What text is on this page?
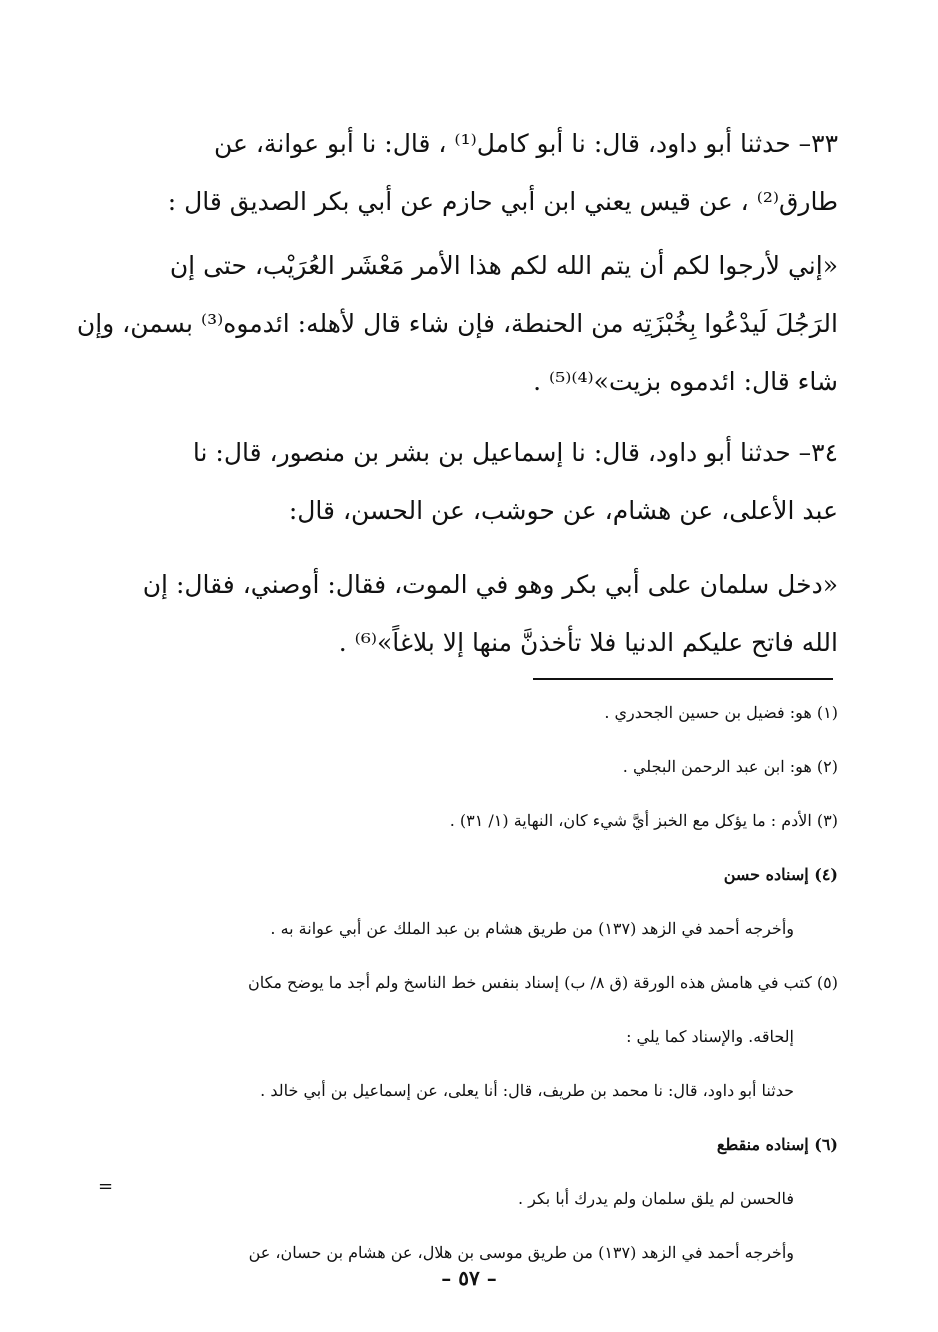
٣٣– حدثنا أبو داود، قال: نا أبو كامل⁽¹⁾ ، قال: نا أبو عوانة، عن
طارق⁽²⁾ ، عن قيس يعني ابن أبي حازم عن أبي بكر الصديق قال :
«إني لأرجوا لكم أن يتم الله لكم هذا الأمر مَعْشَر العُرَيْب، حتى إن
الرَجُلَ لَيدْعُوا بِخُبْزَتِه من الحنطة، فإن شاء قال لأهله: ائدموه⁽³⁾ بسمن، وإن
شاء قال: ائدموه بزيت»⁽⁴⁾⁽⁵⁾ .
٣٤– حدثنا أبو داود، قال: نا إسماعيل بن بشر بن منصور، قال: نا
عبد الأعلى، عن هشام، عن حوشب، عن الحسن، قال:
«دخل سلمان على أبي بكر وهو في الموت، فقال: أوصني، فقال: إن
الله فاتح عليكم الدنيا فلا تأخذنَّ منها إلا بلاغاً»⁽⁶⁾ .
(١) هو: فضيل بن حسين الجحدري .
(٢) هو: ابن عبد الرحمن البجلي .
(٣) الأدم : ما يؤكل مع الخبز أيَّ شيء كان، النهاية (١/ ٣١) .
(٤) إسناده حسن
وأخرجه أحمد في الزهد (١٣٧) من طريق هشام بن عبد الملك عن أبي عوانة به .
(٥) كتب في هامش هذه الورقة (ق ٨/ ب) إسناد بنفس خط الناسخ ولم أجد ما يوضح مكان
إلحاقه. والإسناد كما يلي :
حدثنا أبو داود، قال: نا محمد بن طريف، قال: أنا يعلى، عن إسماعيل بن أبي خالد .
(٦) إسناده منقطع
فالحسن لم يلق سلمان ولم يدرك أبا بكر .
وأخرجه أحمد في الزهد (١٣٧) من طريق موسى بن هلال، عن هشام بن حسان، عن
=
– ٥٧ –
